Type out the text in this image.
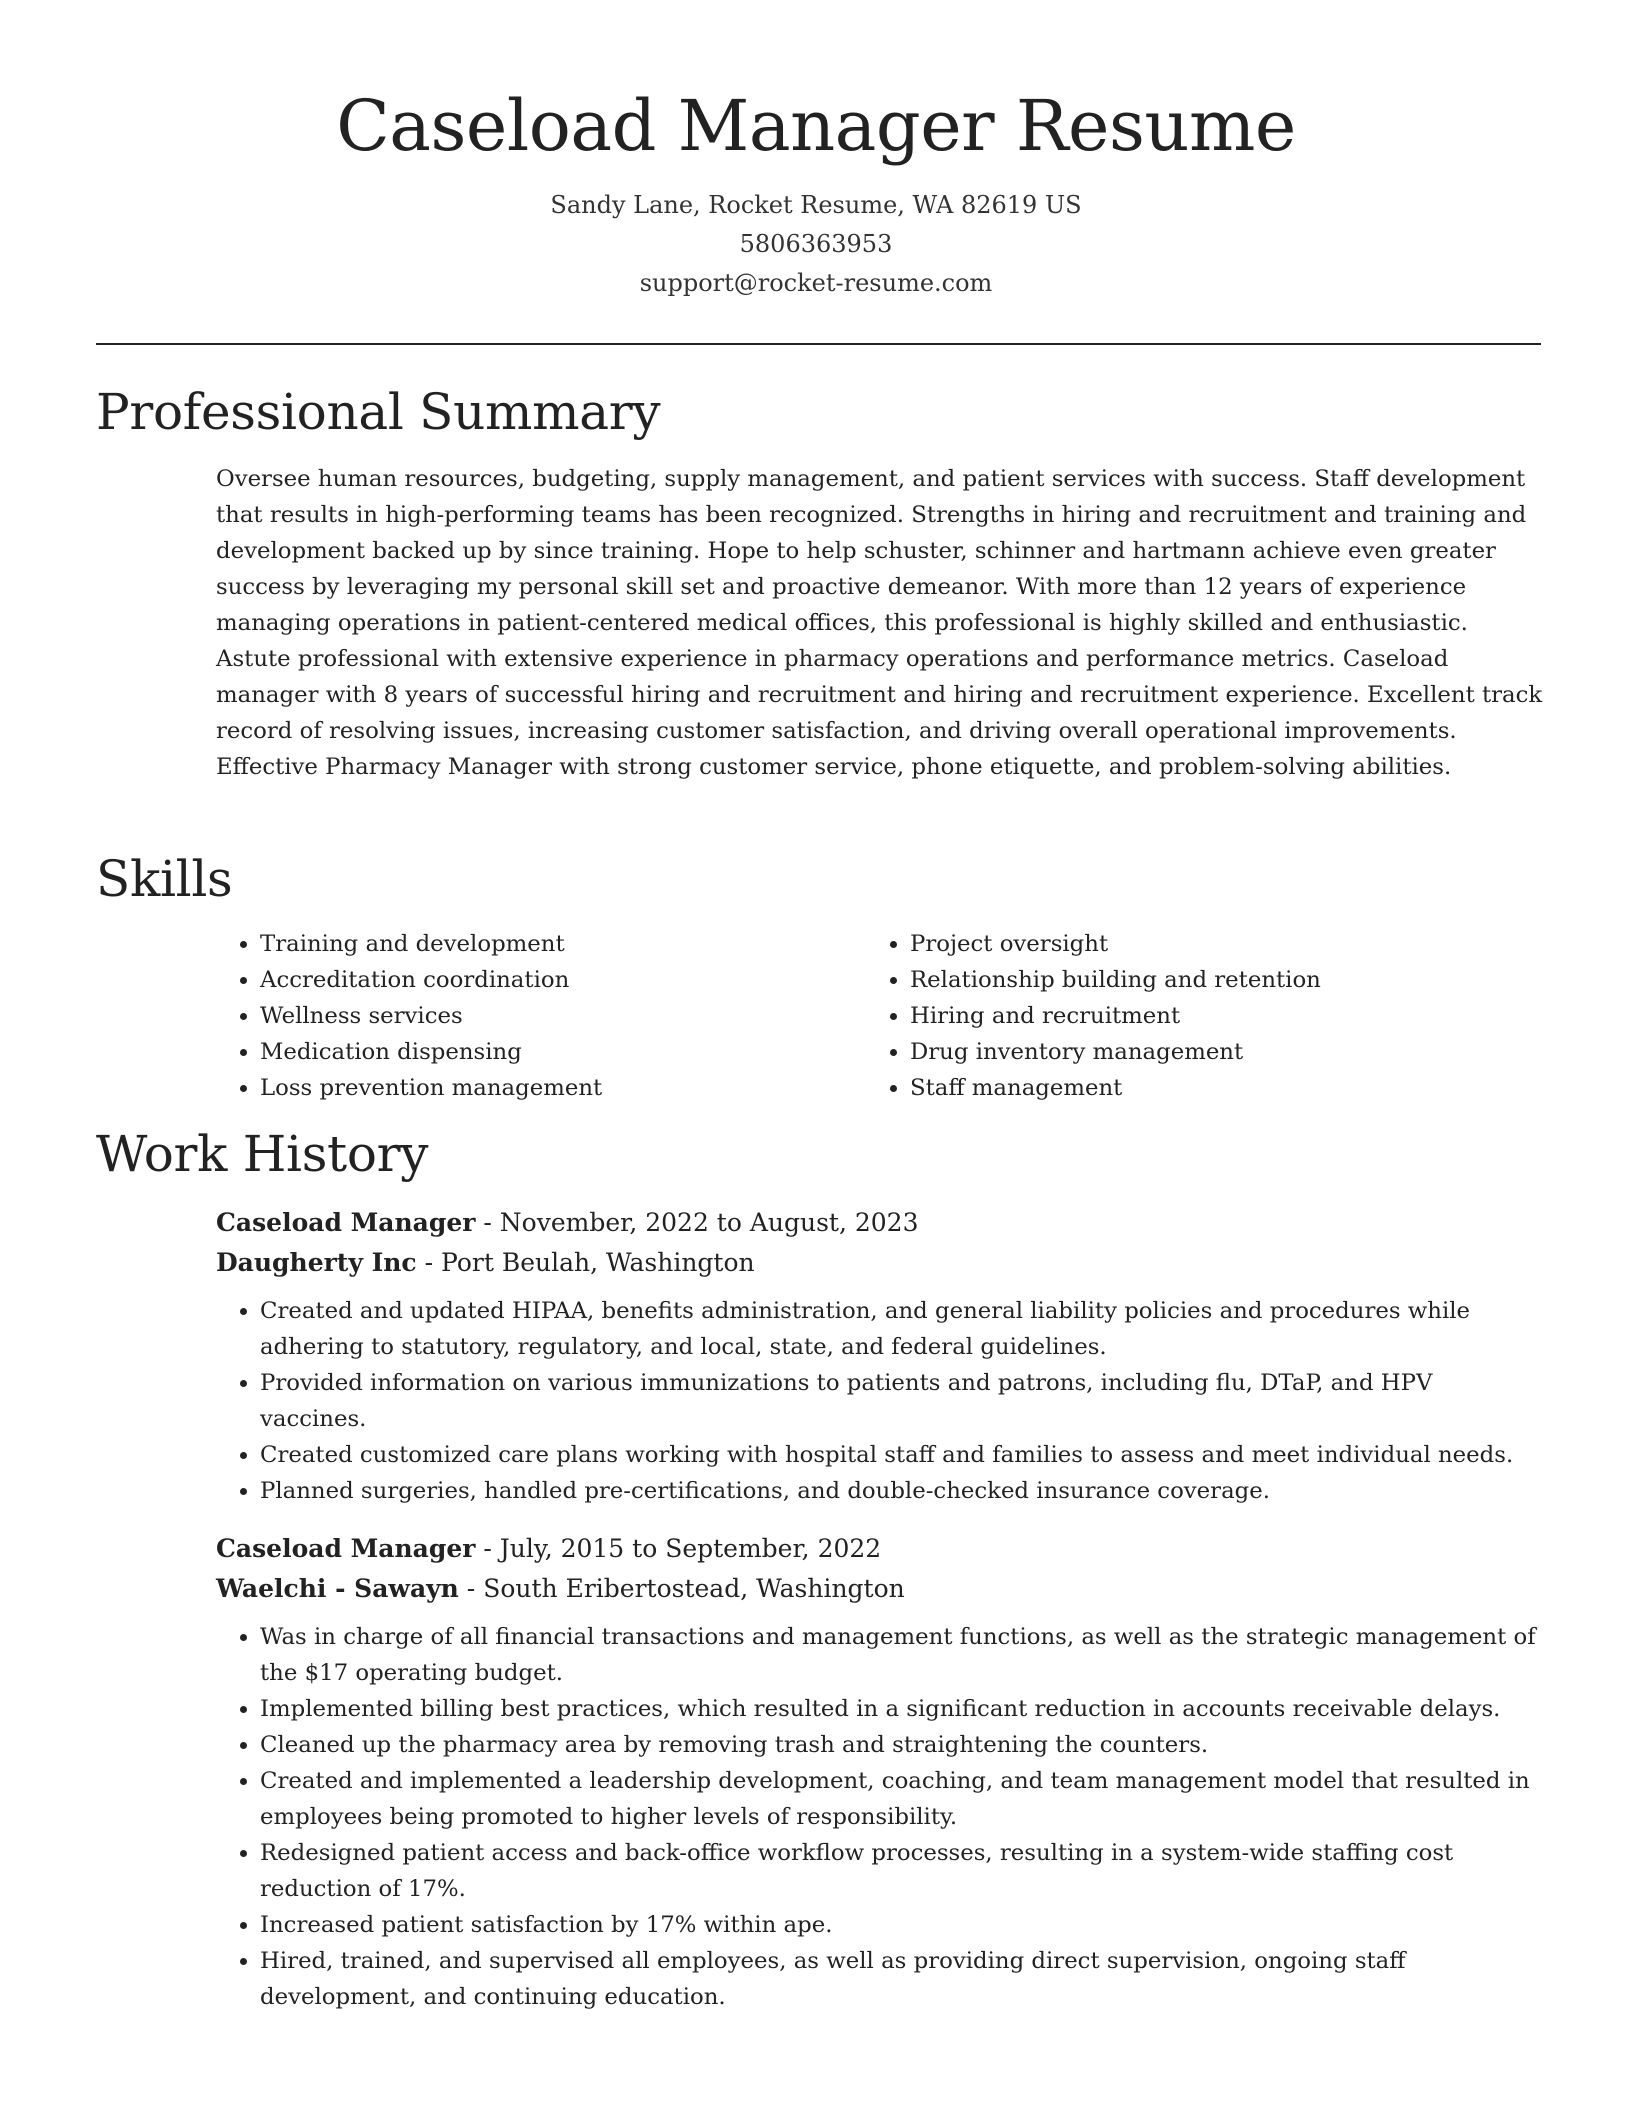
Caseload Manager Resume
Sandy Lane, Rocket Resume, WA 82619 US
5806363953
support@rocket-resume.com
Professional Summary

Oversee human resources, budgeting, supply management, and patient services with success. Staff development that results in high-performing teams has been recognized. Strengths in hiring and recruitment and training and development backed up by since training. Hope to help schuster, schinner and hartmann achieve even greater success by leveraging my personal skill set and proactive demeanor. With more than 12 years of experience managing operations in patient-centered medical offices, this professional is highly skilled and enthusiastic. Astute professional with extensive experience in pharmacy operations and performance metrics. Caseload manager with 8 years of successful hiring and recruitment and hiring and recruitment experience. Excellent track record of resolving issues, increasing customer satisfaction, and driving overall operational improvements. Effective Pharmacy Manager with strong customer service, phone etiquette, and problem-solving abilities.

Skills
• Training and development
• Accreditation coordination
• Wellness services
• Medication dispensing
• Loss prevention management
• Project oversight
• Relationship building and retention
• Hiring and recruitment
• Drug inventory management
• Staff management
Work History
Caseload Manager - November, 2022 to August, 2023
Daugherty Inc - Port Beulah, Washington
• Created and updated HIPAA, benefits administration, and general liability policies and procedures while adhering to statutory, regulatory, and local, state, and federal guidelines.
• Provided information on various immunizations to patients and patrons, including flu, DTaP, and HPV vaccines.
• Created customized care plans working with hospital staff and families to assess and meet individual needs.
• Planned surgeries, handled pre-certifications, and double-checked insurance coverage.
Caseload Manager - July, 2015 to September, 2022
Waelchi - Sawayn - South Eribertostead, Washington
• Was in charge of all financial transactions and management functions, as well as the strategic management of the $17 operating budget.
• Implemented billing best practices, which resulted in a significant reduction in accounts receivable delays.
• Cleaned up the pharmacy area by removing trash and straightening the counters.
• Created and implemented a leadership development, coaching, and team management model that resulted in employees being promoted to higher levels of responsibility.
• Redesigned patient access and back-office workflow processes, resulting in a system-wide staffing cost reduction of 17%.
• Increased patient satisfaction by 17% within ape.
• Hired, trained, and supervised all employees, as well as providing direct supervision, ongoing staff development, and continuing education.
